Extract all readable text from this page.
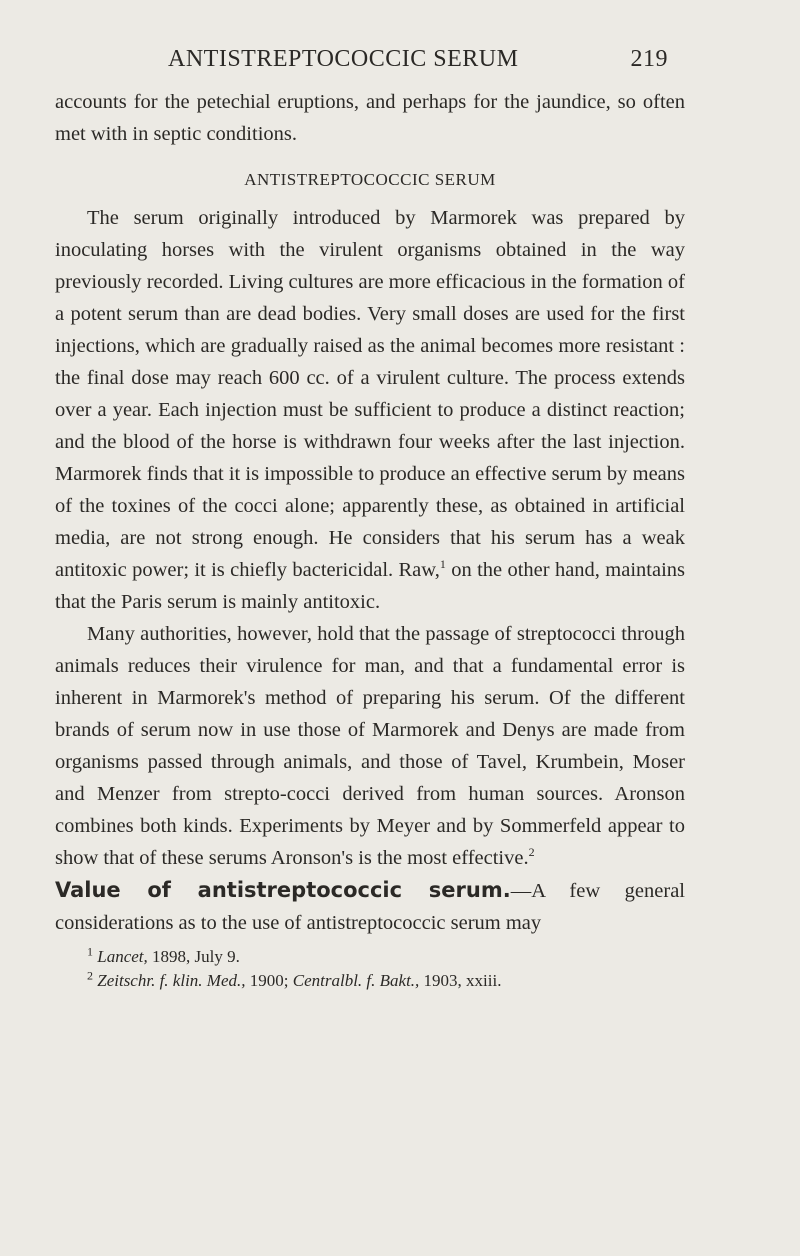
ANTISTREPTOCOCCIC SERUM	219

accounts for the petechial eruptions, and perhaps for the jaundice, so often met with in septic conditions.

ANTISTREPTOCOCCIC SERUM

The serum originally introduced by Marmorek was prepared by inoculating horses with the virulent organisms obtained in the way previously recorded. Living cultures are more efficacious in the formation of a potent serum than are dead bodies. Very small doses are used for the first injections, which are gradually raised as the animal becomes more resistant : the final dose may reach 600 cc. of a virulent culture. The process extends over a year. Each injection must be sufficient to produce a distinct reaction; and the blood of the horse is withdrawn four weeks after the last injection. Marmorek finds that it is impossible to produce an effective serum by means of the toxines of the cocci alone; apparently these, as obtained in artificial media, are not strong enough. He considers that his serum has a weak antitoxic power; it is chiefly bactericidal. Raw,$^1$ on the other hand, maintains that the Paris serum is mainly antitoxic.

Many authorities, however, hold that the passage of streptococci through animals reduces their virulence for man, and that a fundamental error is inherent in Marmorek's method of preparing his serum. Of the different brands of serum now in use those of Marmorek and Denys are made from organisms passed through animals, and those of Tavel, Krumbein, Moser and Menzer from strepto-cocci derived from human sources. Aronson combines both kinds. Experiments by Meyer and by Sommerfeld appear to show that of these serums Aronson's is the most effective.$^2$

Value of antistreptococcic serum.—A few general considerations as to the use of antistreptococcic serum may

$^1$ Lancet, 1898, July 9.
$^2$ Zeitschr. f. klin. Med., 1900; Centralbl. f. Bakt., 1903, xxiii.
